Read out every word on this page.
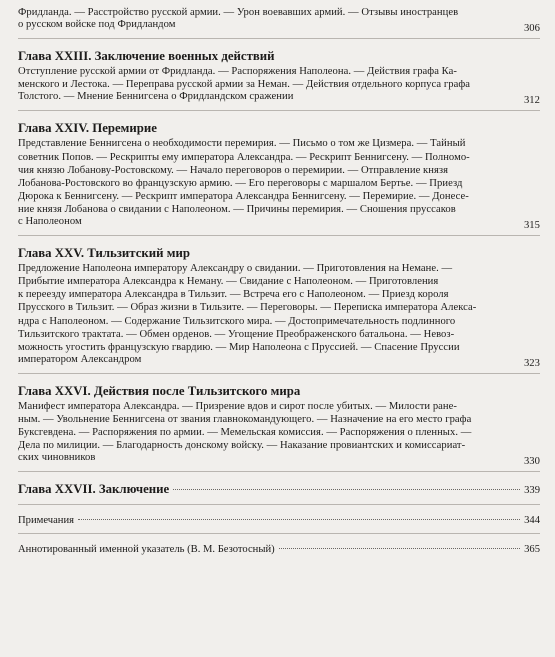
Фридланда. — Расстройство русской армии. — Урон воевавших армий. — Отзывы иностранцев
о русском войске под Фридландом	306
Глава XXIII. Заключение военных действий
Отступление русской армии от Фридланда. — Распоряжения Наполеона. — Действия графа Ка-
менского и Лестока. — Переправа русской армии за Неман. — Действия отдельного корпуса графа
Толстого. — Мнение Беннигсена о Фридландском сражении	312
Глава XXIV. Перемирие
Представление Беннигсена о необходимости перемирия. — Письмо о том же Цизмера. — Тайный
советник Попов. — Рескрипты ему императора Александра. — Рескрипт Беннигсену. — Полномо-
чия князю Лобанову-Ростовскому. — Начало переговоров о перемирии. — Отправление князя
Лобанова-Ростовского во французскую армию. — Его переговоры с маршалом Бертье. — Приезд
Дюрока к Беннигсену. — Рескрипт императора Александра Беннигсену. — Перемирие. — Донесе-
ние князя Лобанова о свидании с Наполеоном. — Причины перемирия. — Сношения пруссаков
с Наполеоном	315
Глава XXV. Тильзитский мир
Предложение Наполеона императору Александру о свидании. — Приготовления на Немане. —
Прибытие императора Александра к Неману. — Свидание с Наполеоном. — Приготовления
к переезду императора Александра в Тильзит. — Встреча его с Наполеоном. — Приезд короля
Прусского в Тильзит. — Образ жизни в Тильзите. — Переговоры. — Переписка императора Алекса-
ндра с Наполеоном. — Содержание Тильзитского мира. — Достопримечательность подлинного
Тильзитского трактата. — Обмен орденов. — Угощение Преображенского батальона. — Невоз-
можность угостить французскую гвардию. — Мир Наполеона с Пруссией. — Спасение Пруссии
императором Александром	323
Глава XXVI. Действия после Тильзитского мира
Манифест императора Александра. — Призрение вдов и сирот после убитых. — Милости ране-
ным. — Увольнение Беннигсена от звания главнокомандующего. — Назначение на его место графа
Буксгевдена. — Распоряжения по армии. — Мемельская комиссия. — Распоряжения о пленных. —
Дела по милиции. — Благодарность донскому войску. — Наказание провиантских и комиссариат-
ских чиновников	330
Глава XXVII. Заключение	339
Примечания	344
Аннотированный именной указатель (В. М. Безотосный)	365
